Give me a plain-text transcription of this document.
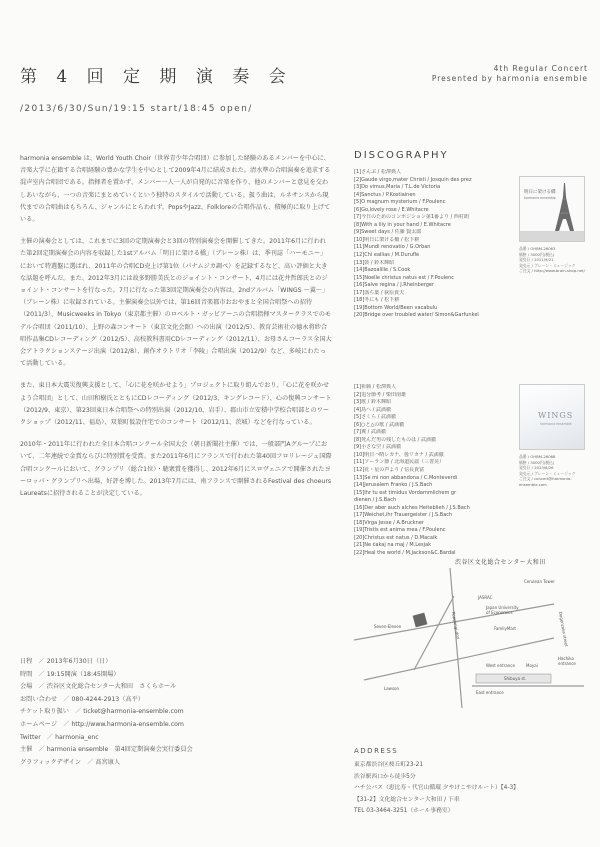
第 4 回 定 期 演 奏 会	4th Regular Concert
Presented by harmonia ensemble
/2013/6/30/Sun/19:15 start/18:45 open/

harmonia ensemble は、World Youth Choir（世界青少年合唱団）に参加した経験のあるメンバーを中心に、音楽大学に在籍する合唱経験の豊かな学生を中心として2009年4月に結成された。清水準の合唱演奏を追求する混声室内合唱団である。指揮者を置かず、メンバー一人一人が自発的に音楽を作り、他のメンバーと意見を交わしあいながら、一つの音楽にまとめていくという独特のスタイルで活動している。扱う曲は、ルネサンスから現代までの合唱曲はもちろん、ジャンルにとらわれず、PopsやJazz、Folkloreの合唱作品も、積極的に取り上げている。

主催の演奏会としては、これまでに3回の定期演奏会と3回の特別演奏会を開催してきた。2011年6月に行われた第2回定期演奏会の内容を収録した1stアルバム「明日に架ける橋」（ブレーン株）は、季刊誌「ハーモニー」において特選盤に選ばれ、2011年の合唱CD売上げ第1位（パナムジカ調べ）を記録するなど、高い評価と大きな話題を呼んだ。また、2012年3月には故多野勝美氏とのジョイント・コンサート、4月には花井哲郎氏とのジョイント・コンサートを行なった。7月に行なった第3回定期演奏会の内容は、2ndアルバム「WINGS ～翼～」（ブレーン株）に収録されている。主催演奏会以外では、第16回音楽都市おおやまと全国合唱祭への招待（2011/3）、Musicweeks in Tokyo（東京都主催）のロベルト・ガッビアーニの合唱指揮マスタークラスでのモデル合唱団（2011/10）、上野の森コンサート（東京文化会館）への出演（2012/5）、教育芸術社の德永将紗合唱作品集CDレコーディング（2012/5）、高校教科書用CDレコーディング（2012/11）、お母さんコーラス全国大会アトラクションステージ出演（2012/8）、創作オラトリオ「李陵」合唱出演（2012/9）など、多岐にわたって活動している。

また、東日本大震災復興支援として、「心に花を咲かせよう」プロジェクトに取り組んでおり、「心に花を咲かせよう合唱団」として、山田和樹氏とともにCDレコーディング（2012/3、キングレコード）、心の復興コンサート（2012/9、東京）、第23回東日本合唱祭への特別出演（2012/10、岩手）、郡山市立安積中学校合唱部とのワークショップ（2012/11、福島）、双葉町仮設住宅でのコンサート（2012/11、茨城）などを行なっている。

2010年・2011年に行われた全日本合唱コンクール全国大会（朝日新聞社主催）では、一般部門Aグループにおいて、二年連続で金賞ならびに特別賞を受賞。また2011年6月にフランスで行われた第40回フロリレージュ国際合唱コンクールにおいて、グランプリ（総合1位）・聴衆賞を獲得し、2012年6月にスロヴェニアで開催されたヨーロッパ・グランプリへ出場、好評を博した。2013年7月には、南フランスで開催されるFestival des choeurs Laureatsに招待されることが決定している。

日程　／ 2013年6月30日（日）
時間　／ 19:15開演（18:45開場）
会場　／ 渋谷区文化総合センター大和田　さくらホール
お問い合わせ　／ 080-4244-2913（高平）
チケット取り扱い　／ ticket@harmonia-ensemble.com
ホームページ　／ http://www.harmonia-ensemble.com
Twitter　／ harmonia_enc
主催　／ harmonia ensemble　第4回定期演奏会実行委員会
グラフィックデザイン　／ 髙宮康人
DISCOGRAPHY
[1]さんぶ / 松澤典人
[2]Gaude virgo,mater Christi / Josquin des prez
[3]Do vimus,Maria / T.L.de Victoria
[4]Sanctus / P.Kostiainen
[5]O magnum mysterium / F.Poulenc
[6]Go,lovely rose / E.Whitacre
[7]今日のためのコンポジション第1番より / 西村朗
[8]With a lily in your hand / E.Whitacre
[9]Sweet days / 佐藤 賢太郎
[10]明日に架ける橋 / 松下耕
[11]Mundi renovatio / G.Orban
[12]Chi eallias / M.Duruflé
[13]鼓 / 鈴木輝昭
[14]Bazoalille / S.Cook
[15]Noelle christus natus est / F.Poulenc
[16]Salve regina / J.Rheinberger
[17]落ち葉 / 荻原貴夫
[18]冬にも / 松下耕
[19]Bottom World/Been vacabulu
[20]Bridge over troubled water/ Simon&Garfunkel
明日に架ける橋
harmonia ensemble
品番 / OHBM-26063
価格 / 3000円(税込)
発売日 / 2011/9/21
発売元 / ブレーン・ミュージック
ご注文 / http://www.brain-shop.net/
[1]祈願 / 松澤典人
[2]追分節考 / 柴田南雄
[3]歌 / 鈴木輝昭
[4]鳥へ / 武満徹
[5]さくら / 武満徹
[6]○と△の歌 / 武満徹
[7]翼 / 武満徹
[8]死んだ男の残したものは / 武満徹
[9]小さな空 / 武満徹
[10]明日ハ晴レカナ、曇リカナ / 武満徹
[11]ソーラン節 / 北海道民謡（三善晃）
[12]花・星の声より / 信長貴富
[13]Se mi non abbandona / C.Monteverdi
[14]Jerusalem Franko / J.S.Bach
[15]Ihr tu est timidus Vordammlichem gr
dienen / J.S.Bach
[16]Der aber auch alches Heiteblieh / J.S.Bach
[17]Weichet,ihr Trauergeister / J.S.Bach
[18]Virga Jesse / A.Bruckner
[19]Tristis est anima mea / F.Poulenc
[20]Christus est natus / D.Macaik
[21]Ne čakaj na maj / M.Lesjak
[22]Heal the world / M.Jackson&C.Bardal
WINGS
harmonia ensemble
品番 / OHBM-26068
価格 / 3000円(税込)
発売日 / 2013/6/26
発売元 / ブレーン・ミュージック
ご注文 / concert@harmonia-ensemble.com
渋谷区文化総合センター大和田
Cerulean Tower
JASRAC
Japan University
of Economics
Seven-Eleven	FamilyMart
Roppongi-dori	Dogenzaka street
West entrance	Moyai
Hachiko
entrance
Shibuya st.
East entrance
Lawson
ADDRESS
東京都渋谷区桜丘町23-21
渋谷駅西口から徒歩5分
ハチ公バス（恵比寿・代官山循環 夕やけこやけルート）【4-3】
【31-2】文化総合センター大和田 / 下車
TEL 03-3464-3251（ホール事務室）
